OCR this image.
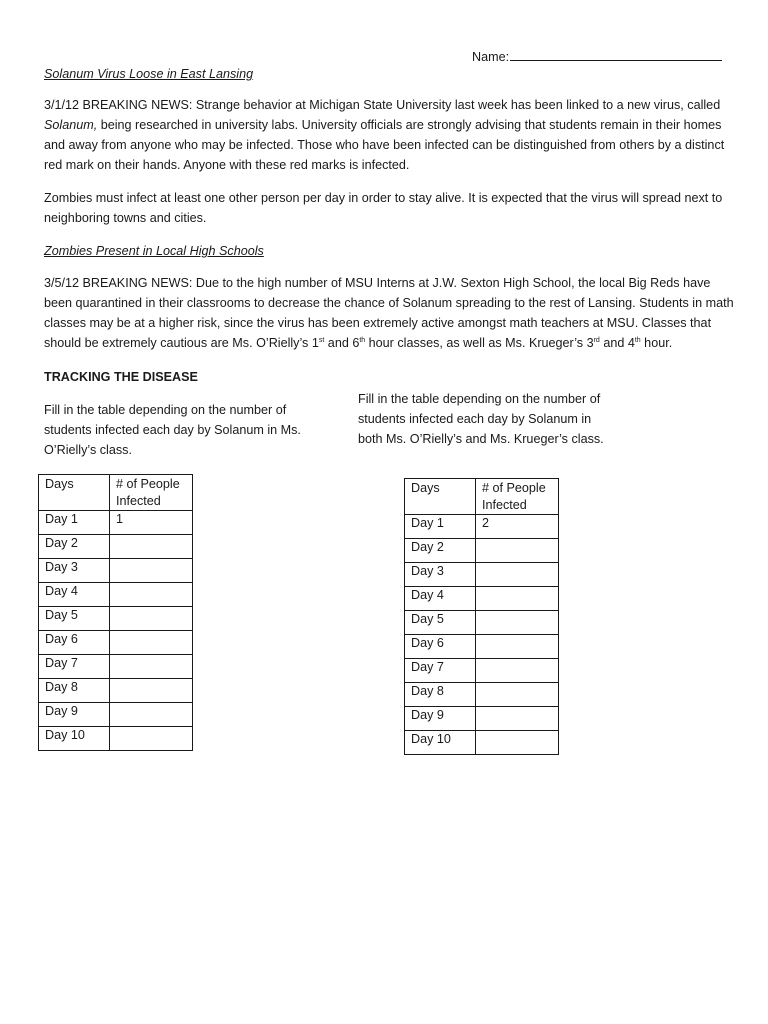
Name:
Solanum Virus Loose in East Lansing

3/1/12 BREAKING NEWS: Strange behavior at Michigan State University last week has been linked to a new virus, called Solanum, being researched in university labs. University officials are strongly advising that students remain in their homes and away from anyone who may be infected. Those who have been infected can be distinguished from others by a distinct red mark on their hands. Anyone with these red marks is infected.

Zombies must infect at least one other person per day in order to stay alive. It is expected that the virus will spread next to neighboring towns and cities.

Zombies Present in Local High Schools

3/5/12 BREAKING NEWS: Due to the high number of MSU Interns at J.W. Sexton High School, the local Big Reds have been quarantined in their classrooms to decrease the chance of Solanum spreading to the rest of Lansing. Students in math classes may be at a higher risk, since the virus has been extremely active amongst math teachers at MSU. Classes that should be extremely cautious are Ms. O’Rielly’s 1st and 6th hour classes, as well as Ms. Krueger’s 3rd and 4th hour.

TRACKING THE DISEASE
Fill in the table depending on the number of students infected each day by Solanum in Ms. O’Rielly’s class.
Fill in the table depending on the number of students infected each day by Solanum in both Ms. O’Rielly’s and Ms. Krueger’s class.
Days	# of People Infected
Day 1	1
Day 2	
Day 3	
Day 4	
Day 5	
Day 6	
Day 7	
Day 8	
Day 9	
Day 10	
Days	# of People Infected
Day 1	2
Day 2	
Day 3	
Day 4	
Day 5	
Day 6	
Day 7	
Day 8	
Day 9	
Day 10	
